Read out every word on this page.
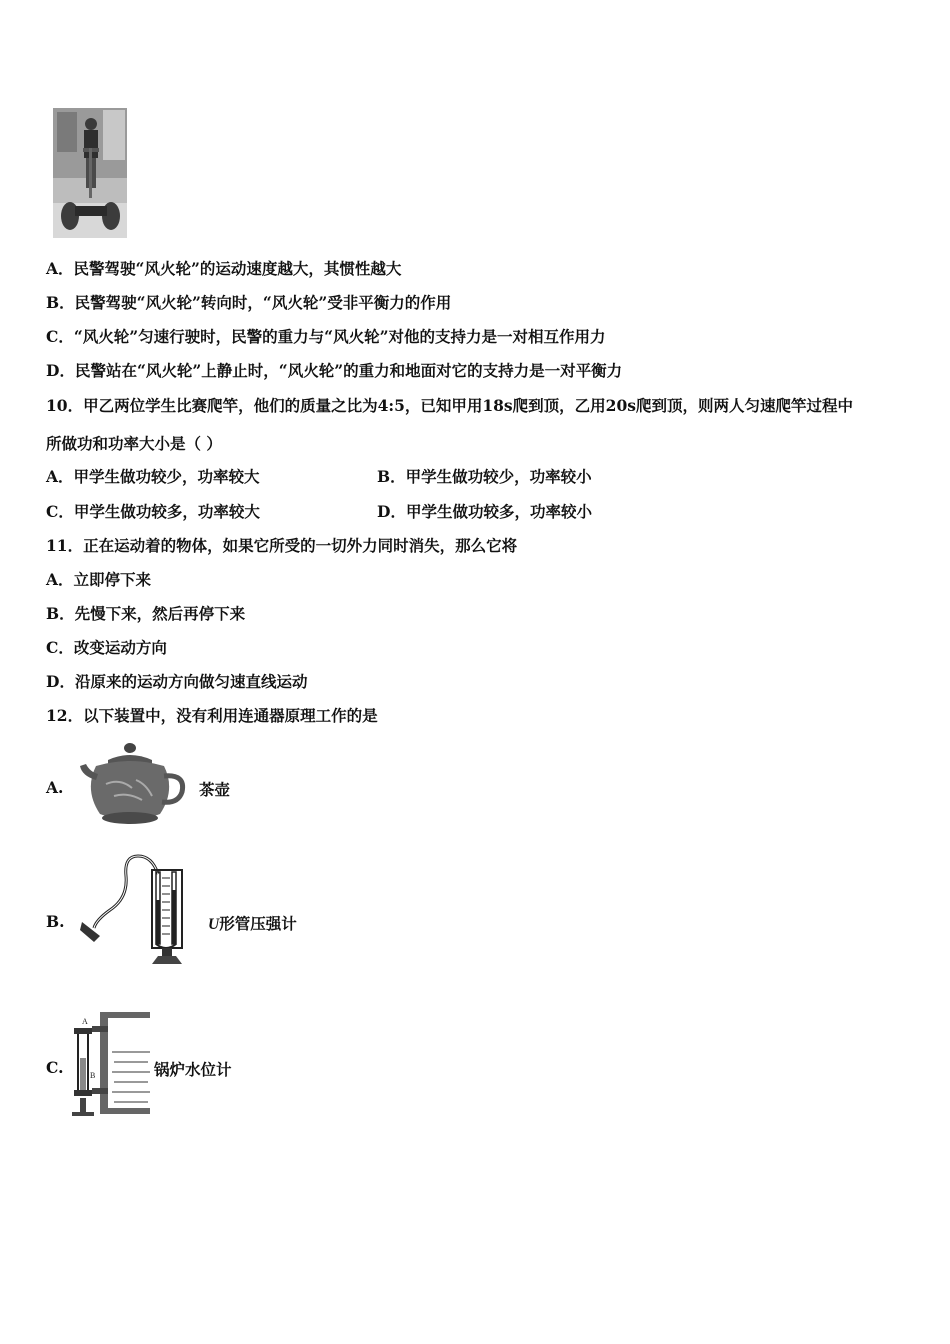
A．民警驾驶“风火轮”的运动速度越大，其惯性越大
B．民警驾驶“风火轮”转向时，“风火轮”受非平衡力的作用
C．“风火轮”匀速行驶时，民警的重力与“风火轮”对他的支持力是一对相互作用力
D．民警站在“风火轮”上静止时，“风火轮”的重力和地面对它的支持力是一对平衡力
10．甲乙两位学生比赛爬竿，他们的质量之比为4:5，已知甲用18s爬到顶，乙用20s爬到顶，则两人匀速爬竿过程中
所做功和功率大小是（ ）
A．甲学生做功较少，功率较大	B．甲学生做功较少，功率较小
C．甲学生做功较多，功率较大	D．甲学生做功较多，功率较小
11．正在运动着的物体，如果它所受的一切外力同时消失，那么它将
A．立即停下来
B．先慢下来，然后再停下来
C．改变运动方向
D．沿原来的运动方向做匀速直线运动
12．以下装置中，没有利用连通器原理工作的是
A.	茶壶
B.	U形管压强计
C.
A
B	锅炉水位计
